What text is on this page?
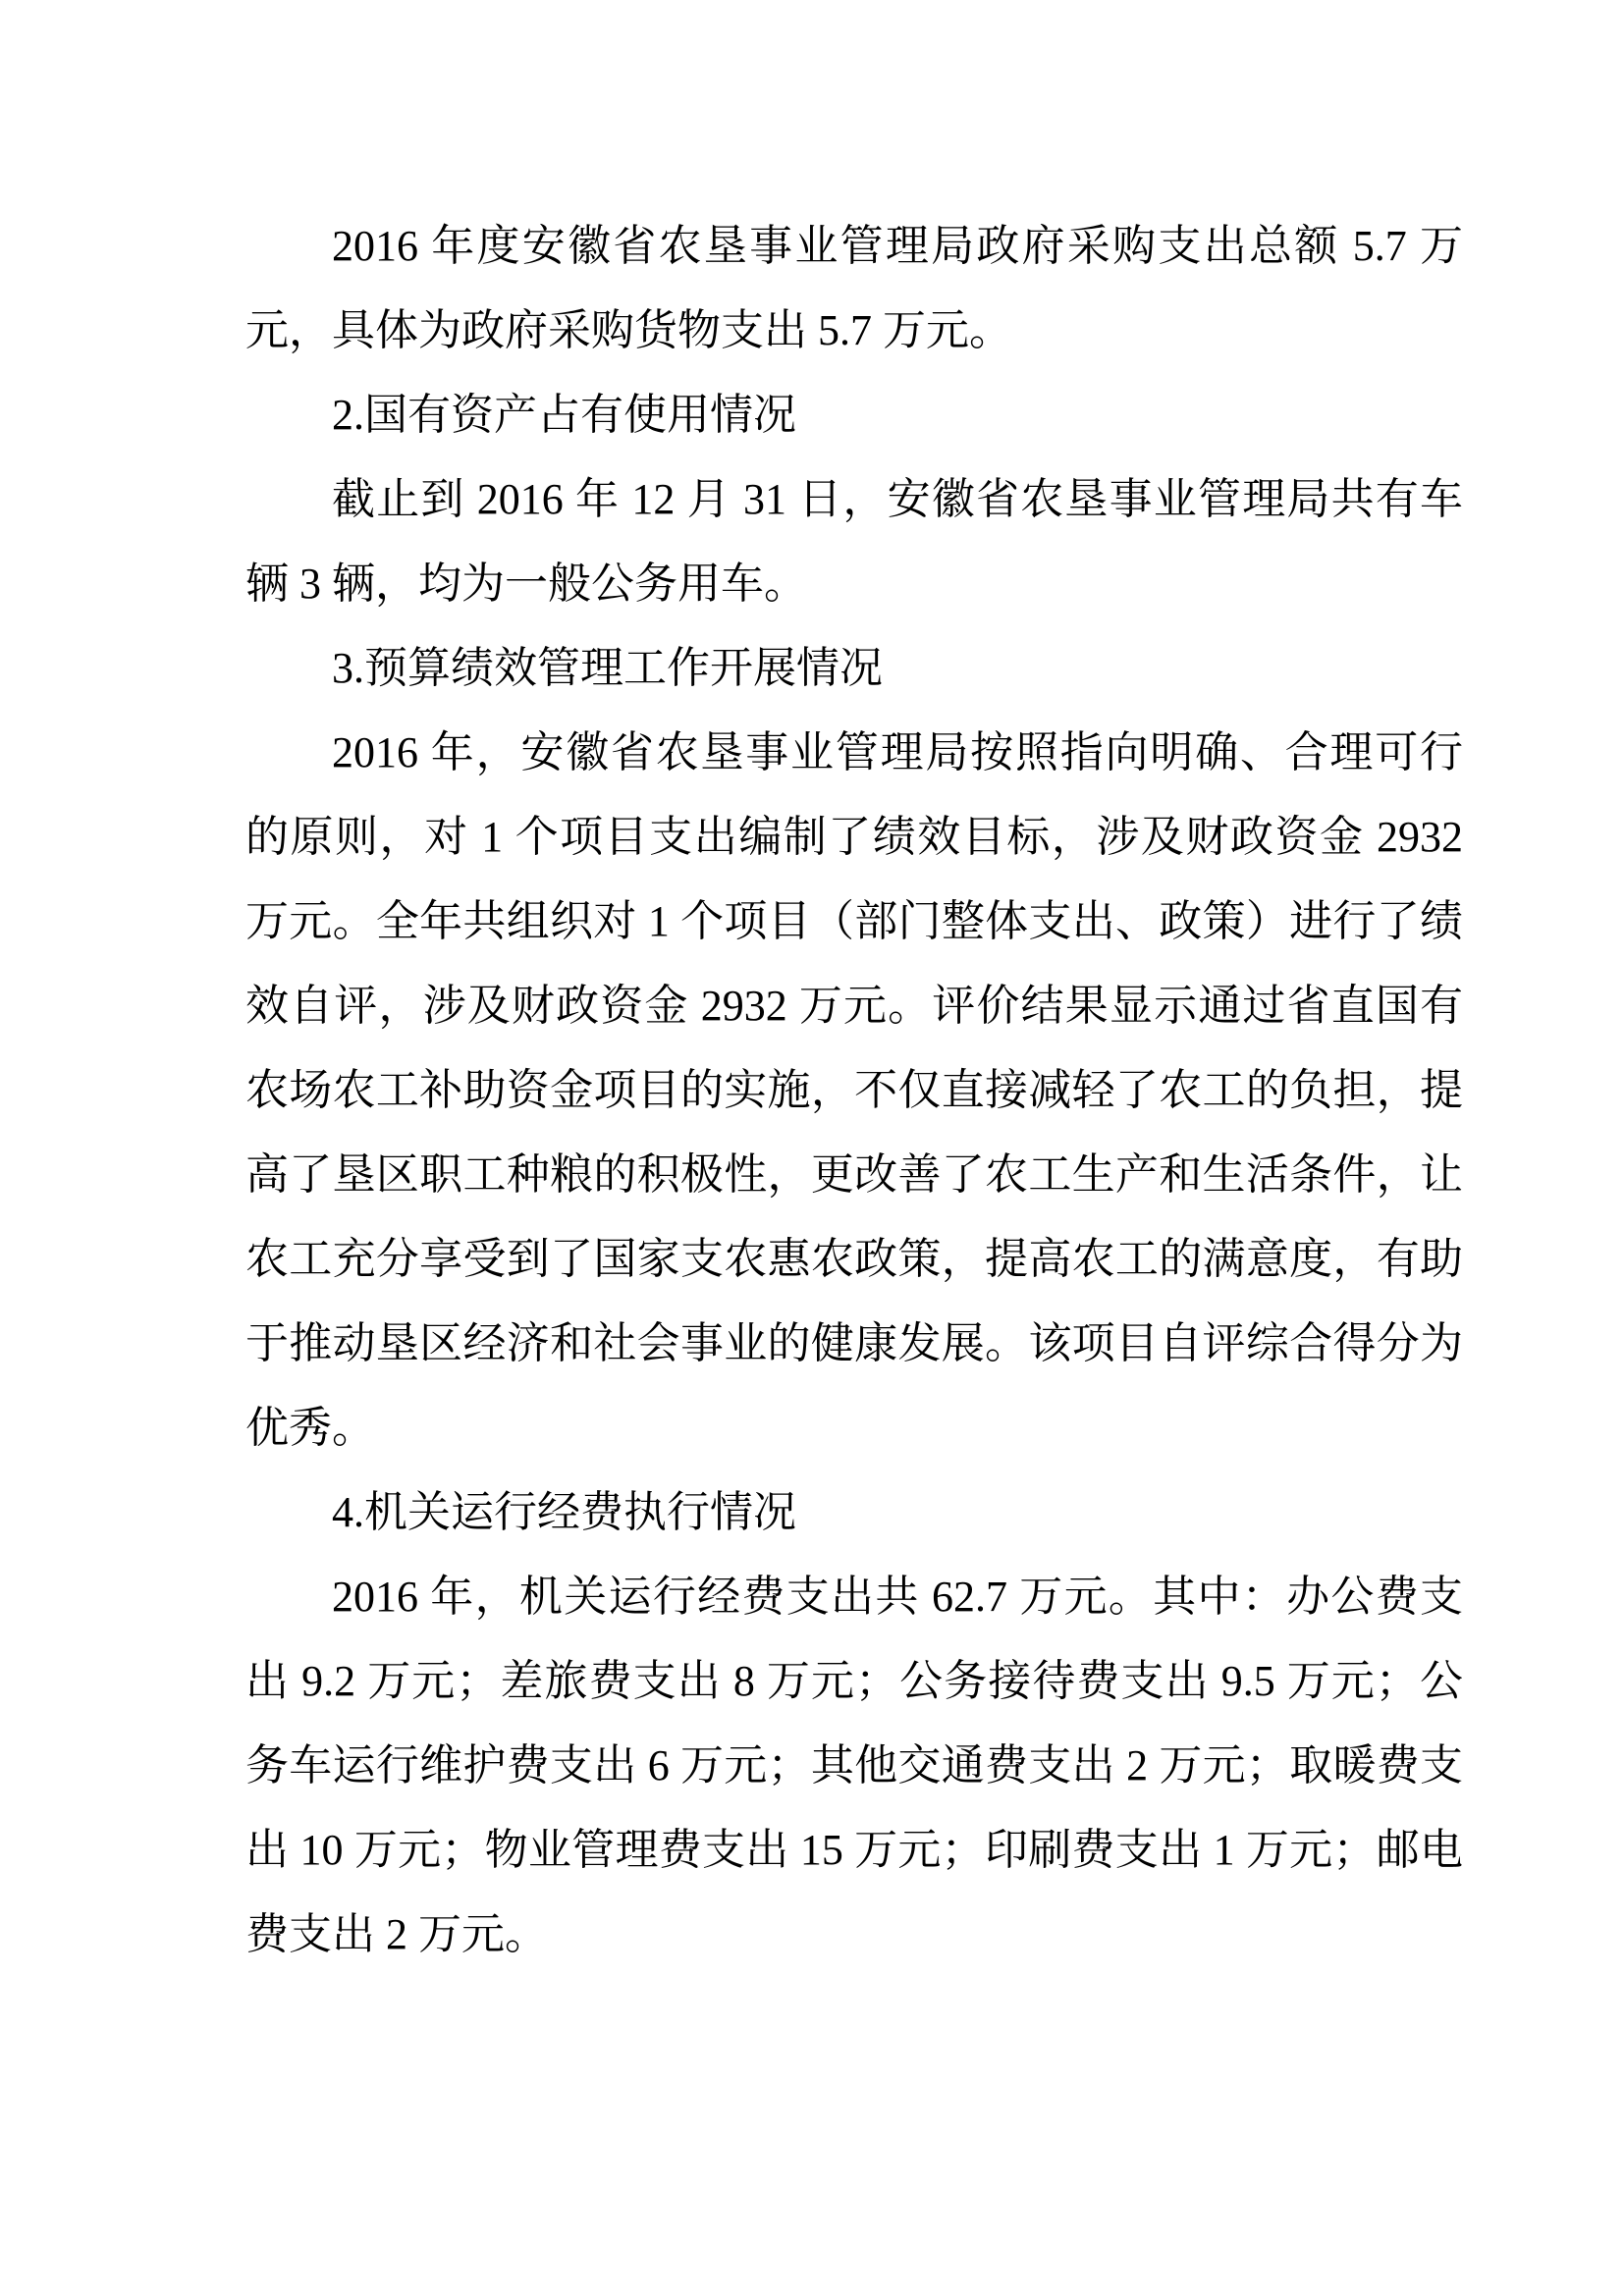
2016 年度安徽省农垦事业管理局政府采购支出总额 5.7 万元，具体为政府采购货物支出 5.7 万元。

2.国有资产占有使用情况

截止到 2016 年 12 月 31 日，安徽省农垦事业管理局共有车辆 3 辆，均为一般公务用车。

3.预算绩效管理工作开展情况

2016 年，安徽省农垦事业管理局按照指向明确、合理可行的原则，对 1 个项目支出编制了绩效目标，涉及财政资金 2932 万元。全年共组织对 1 个项目（部门整体支出、政策）进行了绩效自评，涉及财政资金 2932 万元。评价结果显示通过省直国有农场农工补助资金项目的实施，不仅直接减轻了农工的负担，提高了垦区职工种粮的积极性，更改善了农工生产和生活条件，让农工充分享受到了国家支农惠农政策，提高农工的满意度，有助于推动垦区经济和社会事业的健康发展。该项目自评综合得分为优秀。

4.机关运行经费执行情况

2016 年，机关运行经费支出共 62.7 万元。其中：办公费支出 9.2 万元；差旅费支出 8 万元；公务接待费支出 9.5 万元；公务车运行维护费支出 6 万元；其他交通费支出 2 万元；取暖费支出 10 万元；物业管理费支出 15 万元；印刷费支出 1 万元；邮电费支出 2 万元。
